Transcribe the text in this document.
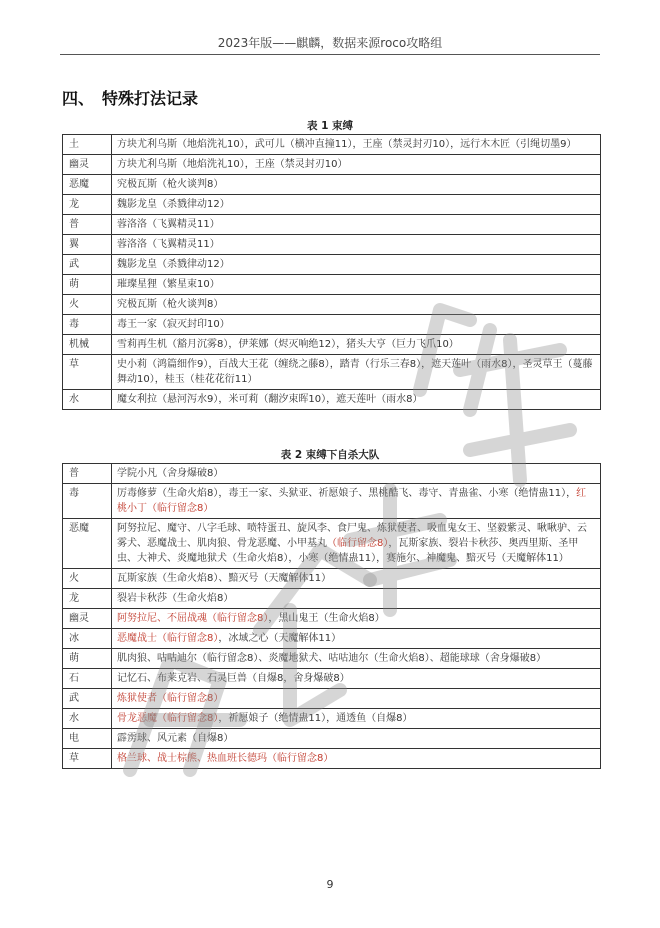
2023年版——麒麟，数据来源roco攻略组
四、 特殊打法记录
表 1 束缚
土	方块尤利乌斯（地焰洗礼10），武可儿（横冲直撞11），王座（禁灵封刃10），远行木木匠（引绳切墨9）
幽灵	方块尤利乌斯（地焰洗礼10），王座（禁灵封刃10）
恶魔	究极瓦斯（枪火谈判8）
龙	魏影龙皇（杀戮律动12）
普	蓉洛洛（飞翼精灵11）
翼	蓉洛洛（飞翼精灵11）
武	魏影龙皇（杀戮律动12）
萌	璀璨星狸（繁星束10）
火	究极瓦斯（枪火谈判8）
毒	毒王一家（寂灭封印10）
机械	雪莉再生机（豁月沉雾8），伊莱娜（烬灭响绝12），猪头大亨（巨力飞爪10）
草	史小莉（鸿篇细作9），百战大王花（缠绕之藤8），踏青（行乐三春8），遮天莲叶（雨水8），圣灵草王（蔓藤舞动10），桂玉（桂花花衍11）
水	魔女利拉（悬河泻水9），米可莉（翻汐束晖10），遮天莲叶（雨水8）
表 2 束缚下自杀大队
普	学院小凡（舍身爆破8）
毒	厉毒修萝（生命火焰8），毒王一家、头狱亚、祈愿娘子、黑桃酷飞、毒守、青蛊雀、小寒（绝情蛊11），红桃小丁（临行留念8）
恶魔	阿努拉尼、魔守、八字毛球、喷特蛋丑、旋风李、食尸鬼、炼狱使者、吸血鬼女王、坚毅紫灵、啾啾驴、云雾犬、恶魔战士、肌肉狼、骨龙恶魔、小甲基丸（临行留念8），瓦斯家族、裂岩卡秋莎、奥西里斯、圣甲虫、大神犬、炎魔地狱犬（生命火焰8），小寒（绝情蛊11），赛施尔、神魔鬼、黯灭号（天魔解体11）
火	瓦斯家族（生命火焰8）、黯灭号（天魔解体11）
龙	裂岩卡秋莎（生命火焰8）
幽灵	阿努拉尼、不屈战魂（临行留念8），黑山鬼王（生命火焰8）
冰	恶魔战士（临行留念8），冰域之心（天魔解体11）
萌	肌肉狼、咕咕迪尔（临行留念8）、炎魔地狱犬、咕咕迪尔（生命火焰8）、超能球球（舍身爆破8）
石	记忆石、布莱克岩、石灵巨兽（自爆8，舍身爆破8）
武	炼狱使者（临行留念8）
水	骨龙恶魔（临行留念8），祈愿娘子（绝情蛊11），通透鱼（自爆8）
电	霹雳球、风元素（自爆8）
草	格兰球、战士棕熊、热血班长德玛（临行留念8）
9
